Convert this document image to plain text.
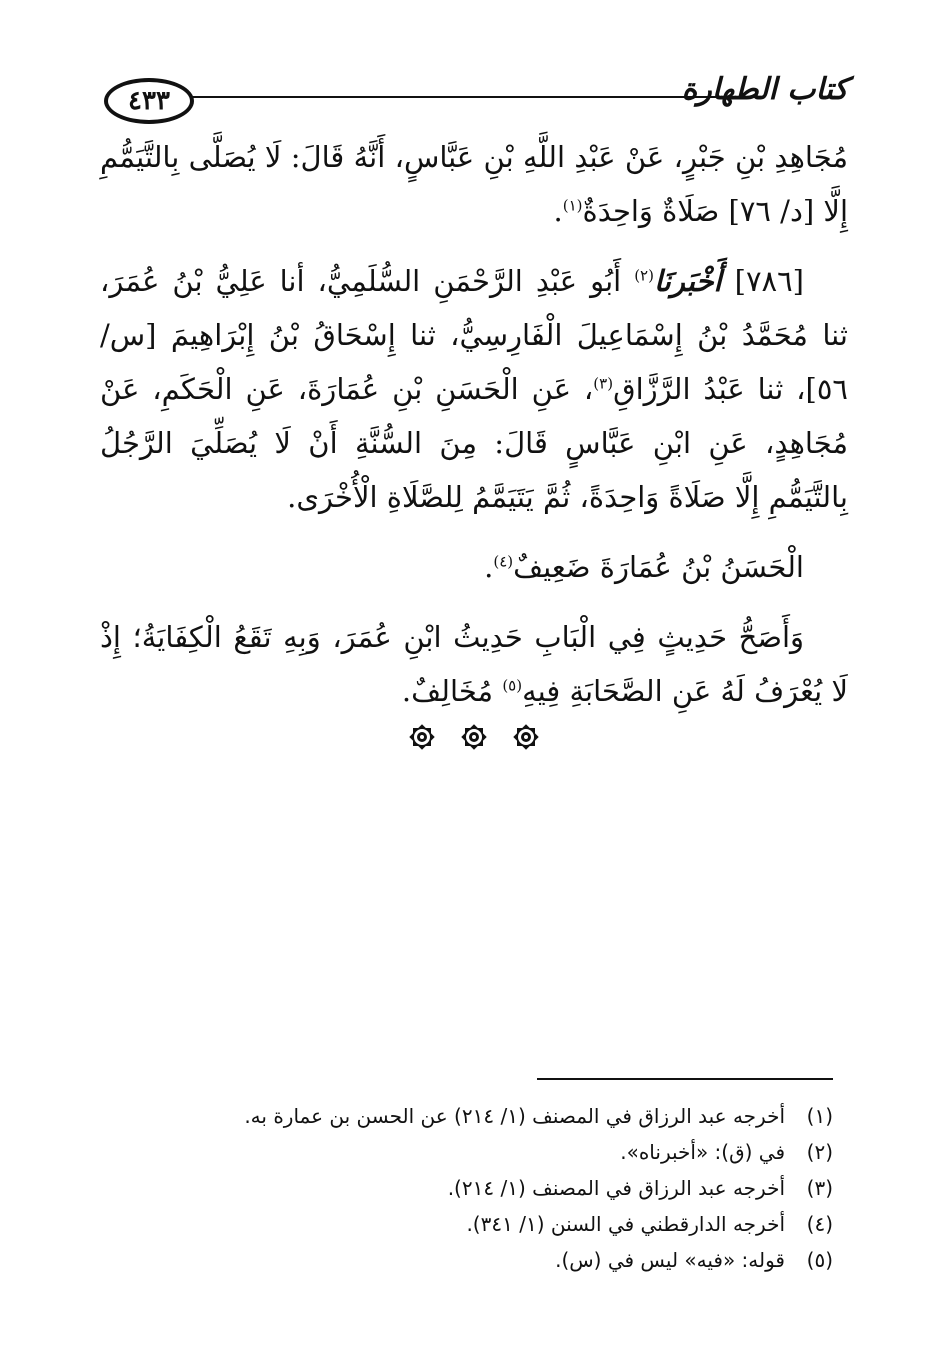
٤٣٣	كتاب الطهارة

مُجَاهِدِ بْنِ جَبْرٍ، عَنْ عَبْدِ اللَّهِ بْنِ عَبَّاسٍ، أَنَّهُ قَالَ: لَا يُصَلَّى بِالتَّيَمُّمِ إِلَّا [د/ ٧٦] صَلَاةٌ وَاحِدَةٌ$^{(١)}$.

[٧٨٦] أَخْبَرنَا$^{(٢)}$ أَبُو عَبْدِ الرَّحْمَنِ السُّلَمِيُّ، أنا عَلِيُّ بْنُ عُمَرَ، ثنا مُحَمَّدُ بْنُ إِسْمَاعِيلَ الْفَارِسِيُّ، ثنا إِسْحَاقُ بْنُ إِبْرَاهِيمَ [س/ ٥٦]، ثنا عَبْدُ الرَّزَّاقِ$^{(٣)}$، عَنِ الْحَسَنِ بْنِ عُمَارَةَ، عَنِ الْحَكَمِ، عَنْ مُجَاهِدٍ، عَنِ ابْنِ عَبَّاسٍ قَالَ: مِنَ السُّنَّةِ أَنْ لَا يُصَلِّيَ الرَّجُلُ بِالتَّيَمُّمِ إِلَّا صَلَاةً وَاحِدَةً، ثُمَّ يَتَيَمَّمُ لِلصَّلَاةِ الْأُخْرَى.

الْحَسَنُ بْنُ عُمَارَةَ ضَعِيفٌ$^{(٤)}$.

وَأَصَحُّ حَدِيثٍ فِي الْبَابِ حَدِيثُ ابْنِ عُمَرَ، وَبِهِ تَقَعُ الْكِفَايَةُ؛ إِذْ لَا يُعْرَفُ لَهُ عَنِ الصَّحَابَةِ فِيهِ$^{(٥)}$ مُخَالِفٌ.

(١)
أخرجه عبد الرزاق في المصنف (١/ ٢١٤) عن الحسن بن عمارة به.
(٢)
في (ق): «أخبرناه».
(٣)
أخرجه عبد الرزاق في المصنف (١/ ٢١٤).
(٤)
أخرجه الدارقطني في السنن (١/ ٣٤١).
(٥)
قوله: «فيه» ليس في (س).
